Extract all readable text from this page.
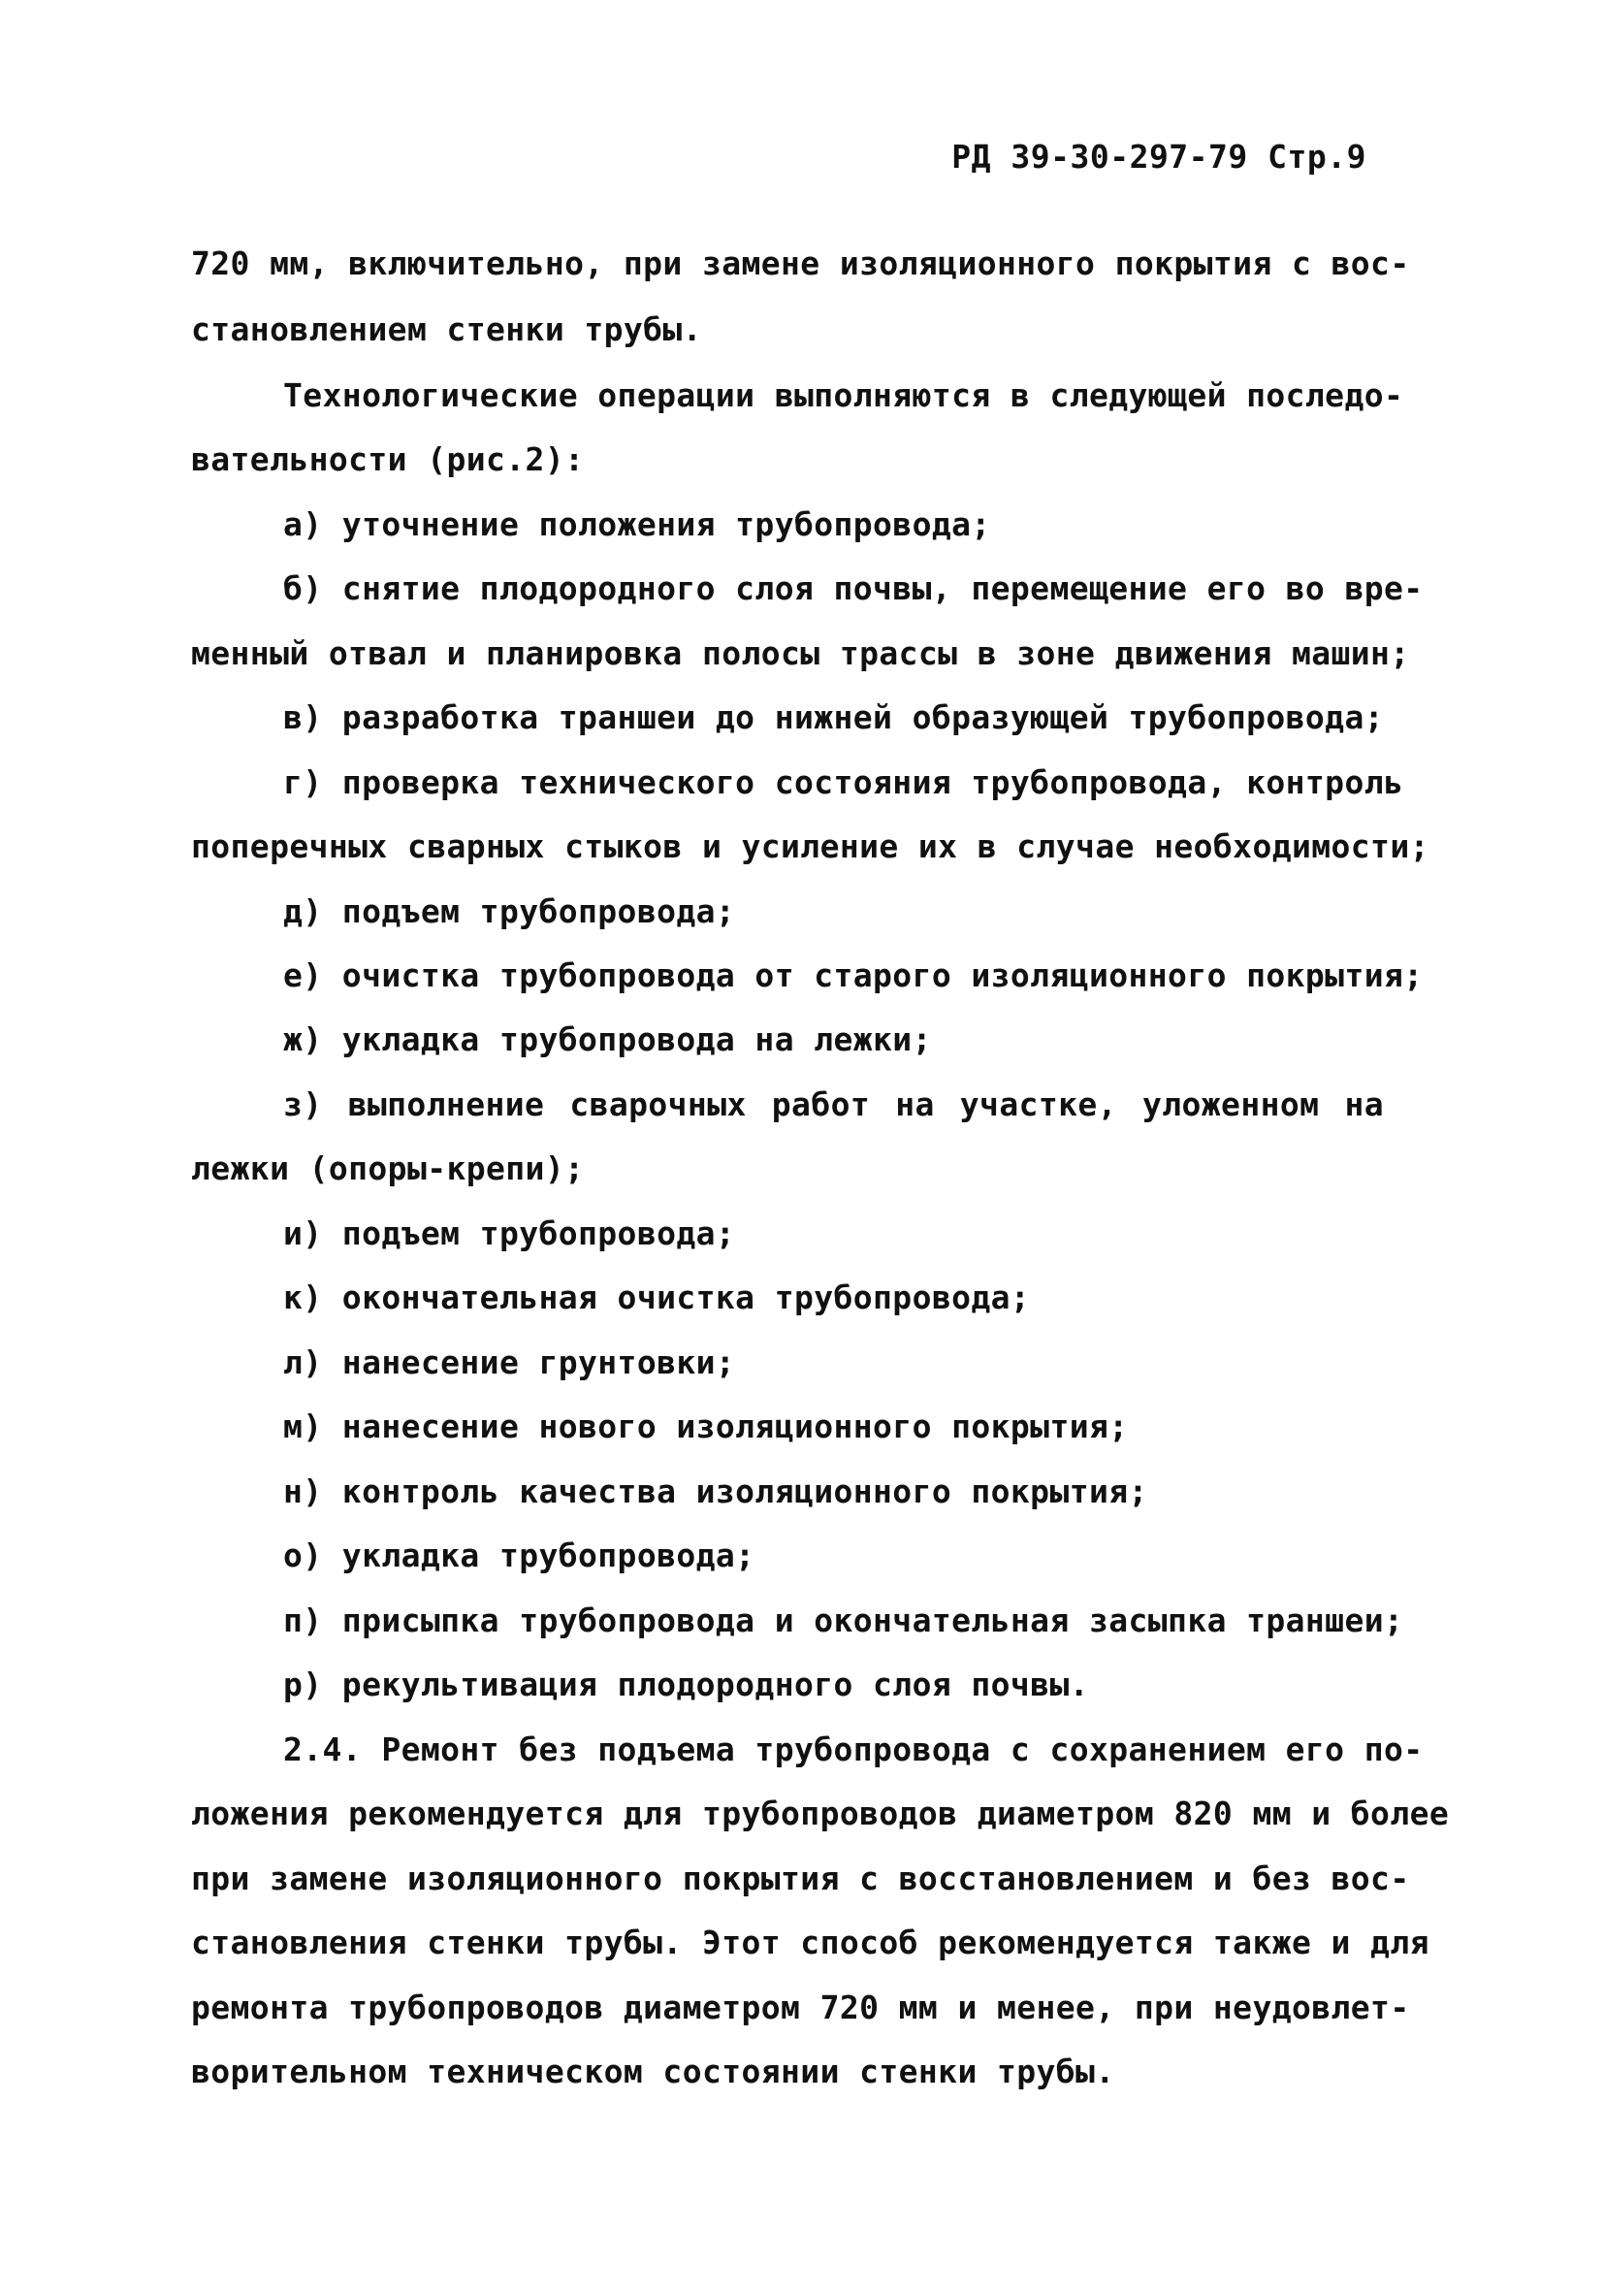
РД 39-30-297-79 Стр.9
720 мм, включительно, при замене изоляционного покрытия с вос-
становлением стенки трубы.
Технологические операции выполняются в следующей последо-
вательности (рис.2):
а) уточнение положения трубопровода;
б) снятие плодородного слоя почвы, перемещение его во вре-
менный отвал и планировка полосы трассы в зоне движения машин;
в) разработка траншеи до нижней образующей трубопровода;
г) проверка технического состояния трубопровода, контроль
поперечных сварных стыков и усиление их в случае необходимости;
д) подъем трубопровода;
е) очистка трубопровода от старого изоляционного покрытия;
ж) укладка трубопровода на лежки;
з) выполнение сварочных работ на участке, уложенном на
лежки (опоры-крепи);
и) подъем трубопровода;
к) окончательная очистка трубопровода;
л) нанесение грунтовки;
м) нанесение нового изоляционного покрытия;
н) контроль качества изоляционного покрытия;
о) укладка трубопровода;
п) присыпка трубопровода и окончательная засыпка траншеи;
р) рекультивация плодородного слоя почвы.
2.4. Ремонт без подъема трубопровода с сохранением его по-
ложения рекомендуется для трубопроводов диаметром 820 мм и более
при замене изоляционного покрытия с восстановлением и без вос-
становления стенки трубы. Этот способ рекомендуется также и для
ремонта трубопроводов диаметром 720 мм и менее, при неудовлет-
ворительном техническом состоянии стенки трубы.
